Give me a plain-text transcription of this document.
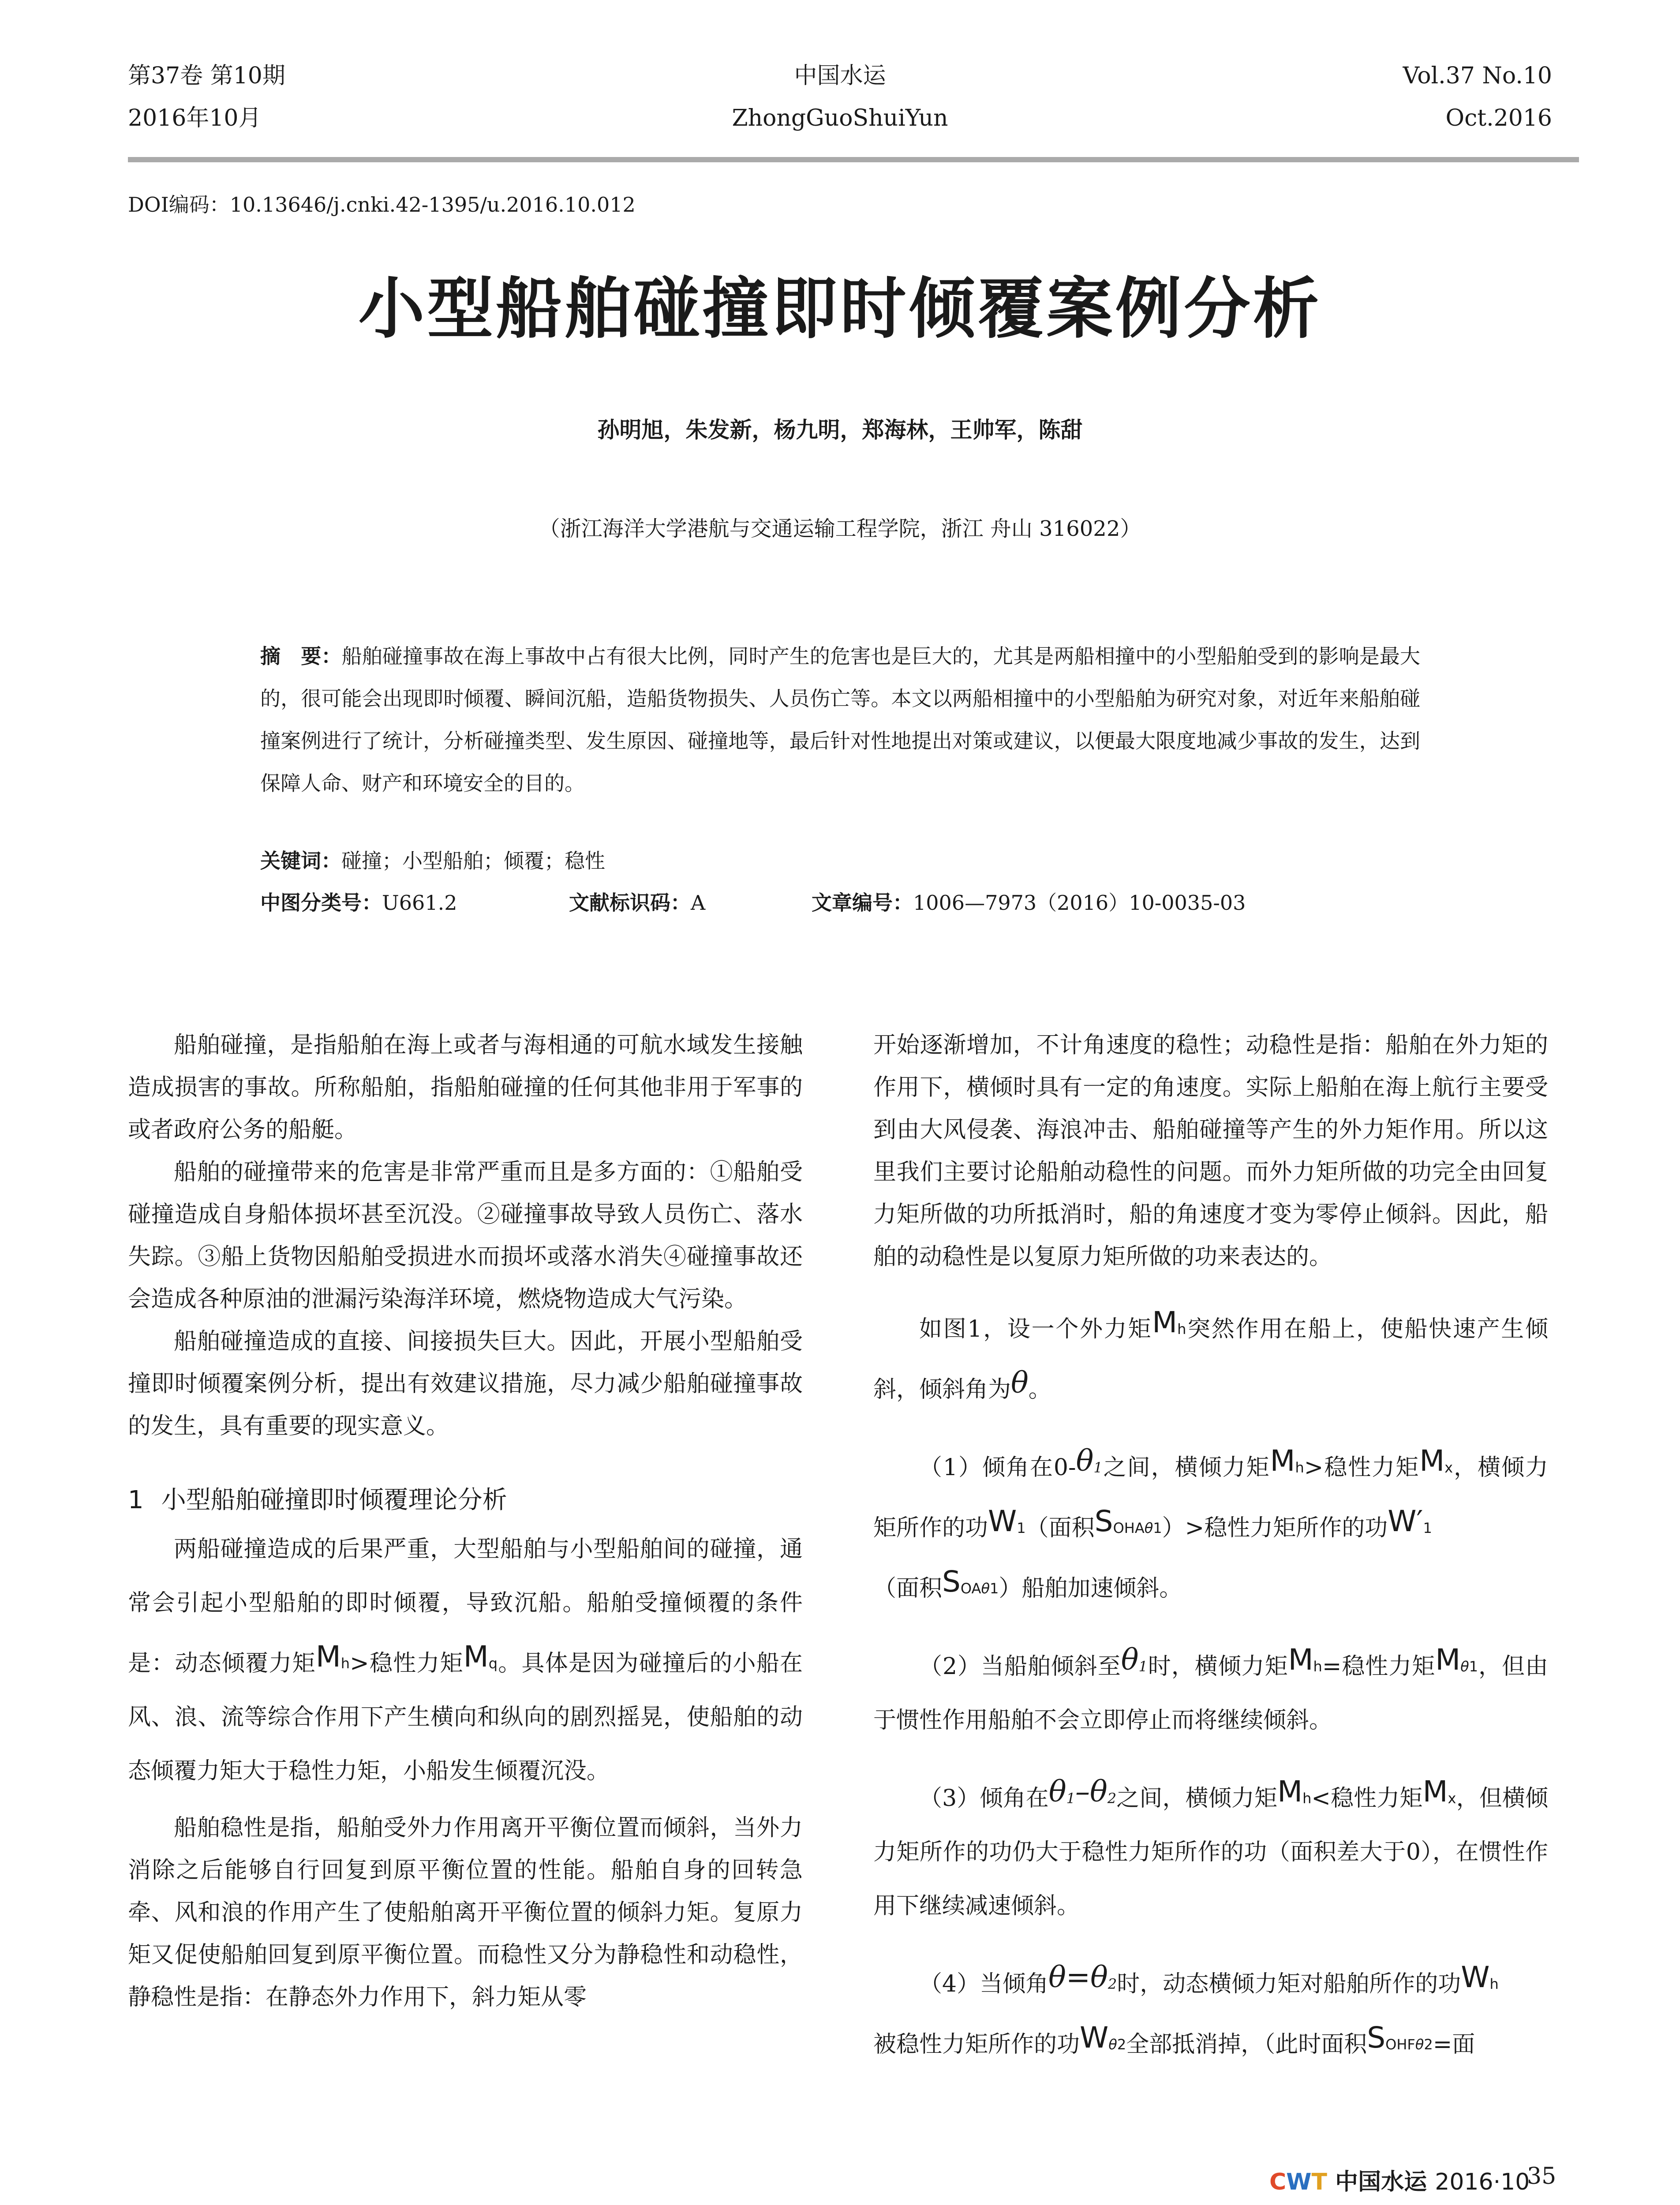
第37卷 第10期
2016年10月
中国水运
ZhongGuoShuiYun
Vol.37 No.10
Oct.2016
DOI编码：10.13646/j.cnki.42-1395/u.2016.10.012
小型船舶碰撞即时倾覆案例分析
孙明旭，朱发新，杨九明，郑海林，王帅军，陈甜
（浙江海洋大学港航与交通运输工程学院，浙江 舟山 316022）
摘　要：船舶碰撞事故在海上事故中占有很大比例，同时产生的危害也是巨大的，尤其是两船相撞中的小型船舶受到的影响是最大的，很可能会出现即时倾覆、瞬间沉船，造船货物损失、人员伤亡等。本文以两船相撞中的小型船舶为研究对象，对近年来船舶碰撞案例进行了统计，分析碰撞类型、发生原因、碰撞地等，最后针对性地提出对策或建议，以便最大限度地减少事故的发生，达到保障人命、财产和环境安全的目的。
关键词：碰撞；小型船舶；倾覆；稳性
中图分类号：U661.2	文献标识码：A	文章编号：1006—7973（2016）10-0035-03

船舶碰撞，是指船舶在海上或者与海相通的可航水域发生接触造成损害的事故。所称船舶，指船舶碰撞的任何其他非用于军事的或者政府公务的船艇。

船舶的碰撞带来的危害是非常严重而且是多方面的：①船舶受碰撞造成自身船体损坏甚至沉没。②碰撞事故导致人员伤亡、落水失踪。③船上货物因船舶受损进水而损坏或落水消失④碰撞事故还会造成各种原油的泄漏污染海洋环境，燃烧物造成大气污染。

船舶碰撞造成的直接、间接损失巨大。因此，开展小型船舶受撞即时倾覆案例分析，提出有效建议措施，尽力减少船舶碰撞事故的发生，具有重要的现实意义。

1 小型船舶碰撞即时倾覆理论分析

两船碰撞造成的后果严重，大型船舶与小型船舶间的碰撞，通常会引起小型船舶的即时倾覆，导致沉船。船舶受撞倾覆的条件是：动态倾覆力矩$M_h>$稳性力矩$M_q$。具体是因为碰撞后的小船在风、浪、流等综合作用下产生横向和纵向的剧烈摇晃，使船舶的动态倾覆力矩大于稳性力矩，小船发生倾覆沉没。

船舶稳性是指，船舶受外力作用离开平衡位置而倾斜，当外力消除之后能够自行回复到原平衡位置的性能。船舶自身的回转急牵、风和浪的作用产生了使船舶离开平衡位置的倾斜力矩。复原力矩又促使船舶回复到原平衡位置。而稳性又分为静稳性和动稳性，静稳性是指：在静态外力作用下，斜力矩从零

开始逐渐增加，不计角速度的稳性；动稳性是指：船舶在外力矩的作用下，横倾时具有一定的角速度。实际上船舶在海上航行主要受到由大风侵袭、海浪冲击、船舶碰撞等产生的外力矩作用。所以这里我们主要讨论船舶动稳性的问题。而外力矩所做的功完全由回复力矩所做的功所抵消时，船的角速度才变为零停止倾斜。因此，船舶的动稳性是以复原力矩所做的功来表达的。

如图1，设一个外力矩$M_h$突然作用在船上，使船快速产生倾斜，倾斜角为θ。

（1）倾角在$0-\theta_1$之间，横倾力矩$M_h>$稳性力矩$M_x$，横倾力矩所作的功$W_1$（面积$S_{OHA\theta 1})>$稳性力矩所作的功$W'_1$
（面积$S_{OA\theta 1}$）船舶加速倾斜。

（2）当船舶倾斜至$\theta_1$时，横倾力矩$M_h=$稳性力矩$M_{\theta 1}$，但由于惯性作用船舶不会立即停止而将继续倾斜。

（3）倾角在$\theta_1-\theta_2$之间，横倾力矩$M_h<$稳性力矩$M_x$，但横倾力矩所作的功仍大于稳性力矩所作的功（面积差大于0），在惯性作用下继续减速倾斜。

（4）当倾角$\theta=\theta_2$时，动态横倾力矩对船舶所作的功$W_h$
被稳性力矩所作的功$W_{\theta 2}$全部抵消掉，（此时面积$S_{OHF\theta 2}=$面

CWT 中国水运 2016·10
35
